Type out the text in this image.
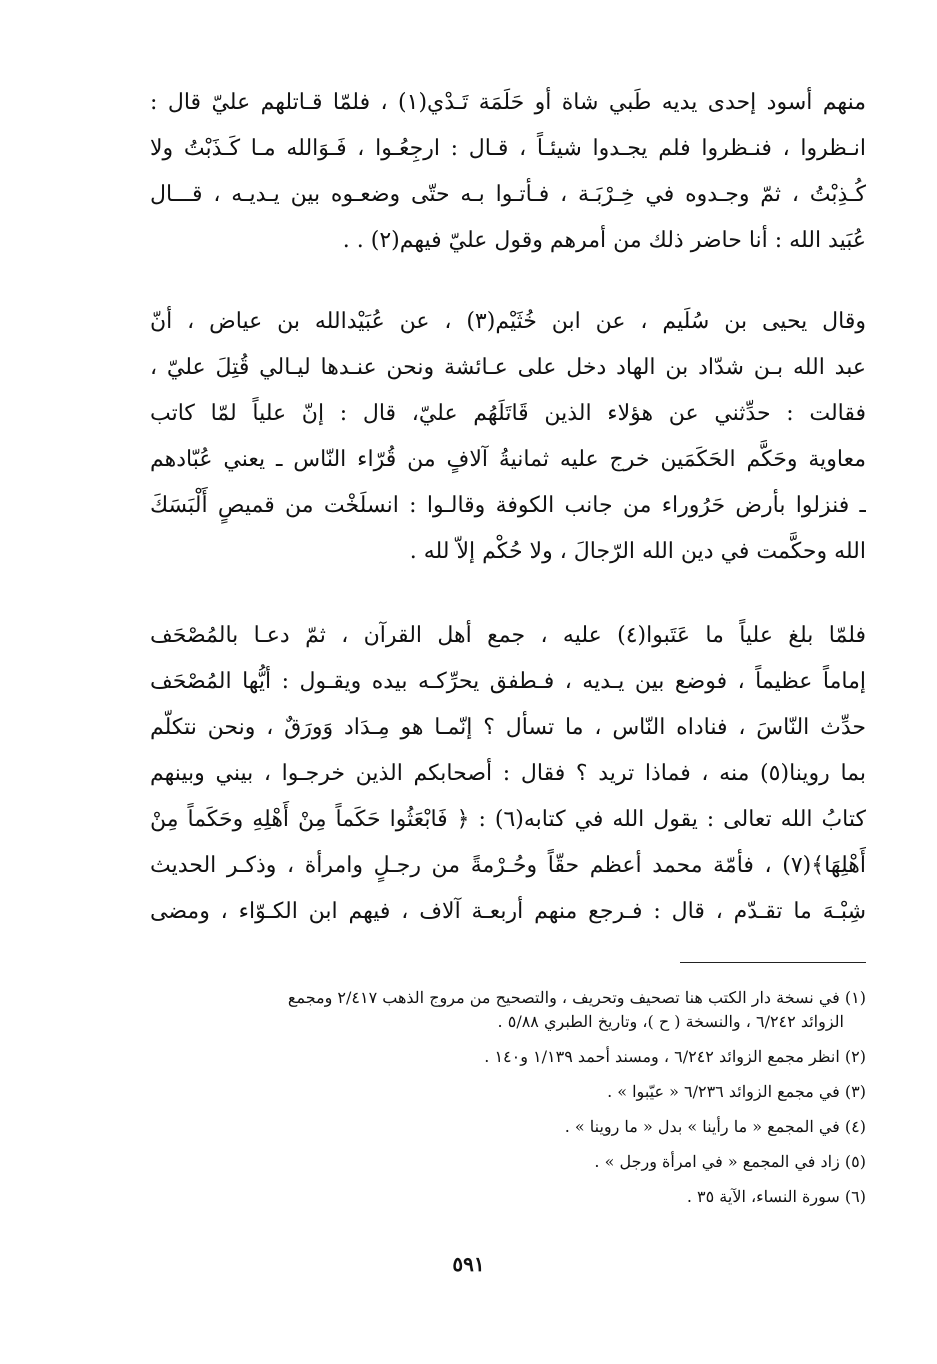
منهم أسود إحدى يديه طَبي شاة أو حَلَمَة تَـدْي(١) ، فلمّا قـاتلهم عليّ قال :
انـظروا ، فنـظروا فلم يجـدوا شيئـاً ، قـال : ارجِعُـوا ، فَـوَالله مـا كَـذَبْتُ ولا
كُـذِبْتُ ، ثمّ وجـدوه في خِـرْبَـة ، فـأتـوا بـه حتّى وضعـوه بين يـديـه ، قـــال
عُبَيد الله : أنا حاضر ذلك من أمرهم وقول عليّ فيهم(٢) . .
وقال يحيى بن سُلَيم ، عن ابن خُثَيْم(٣) ، عن عُبَيْدالله بن عياض ، أنّ
عبد الله بـن شدّاد بن الهاد دخل على عـائشة ونحن عنـدها ليـالي قُتِلَ عليّ ،
فقالت : حدِّثني عن هؤلاء الذين قَاتَلَهُم عليّ، قال : إنّ علياً لمّا كاتب
معاوية وحَكَّم الحَكَمَين خرج عليه ثمانيةُ آلافٍ من قُرّاء النّاس ـ يعني عُبّادهم
ـ فنزلوا بأرض حَرُوراء من جانب الكوفة وقالـوا : انسلَخْت من قميصٍ أَلْبَسَكَ
الله وحكَّمت في دين الله الرّجالَ ، ولا حُكْم إلاّ لله .
فلمّا بلغ علياً ما عَتَبوا(٤) عليه ، جمع أهل القرآن ، ثمّ دعـا بالمُصْحَف
إماماً عظيماً ، فوضع بين يـديه ، فـطفق يحرِّكـه بيده ويقـول : أيُّها المُصْحَف
حدِّث النّاسَ ، فناداه النّاس ، ما تسأل ؟ إنّمـا هو مِـدَاد وَورَقٌ ، ونحن نتكلّم
بما روينا(٥) منه ، فماذا تريد ؟ فقال : أصحابكم الذين خرجـوا ، بيني وبينهم
كتابُ الله تعالى : يقول الله في كتابه(٦) : ﴿ فَابْعَثُوا حَكَماً مِنْ أَهْلِهِ وحَكَماً مِنْ
أَهْلِهَا﴾(٧) ، فأمّة محمد أعظم حقّاً وحُـرْمةً من رجـلٍ وامرأة ، وذكـر الحديث
شِبْـهَ ما تقـدّم ، قال : فـرجع منهم أربعـة آلاف ، فيهم ابن الكـوّاء ، ومضى

(١) في نسخة دار الكتب هنا تصحيف وتحريف ، والتصحيح من مروج الذهب ٢/٤١٧ ومجمع
الزوائد ٦/٢٤٢ ، والنسخة ( ح )، وتاريخ الطبري ٥/٨٨ .

(٢) انظر مجمع الزوائد ٦/٢٤٢ ، ومسند أحمد ١/١٣٩ و١٤٠ .

(٣) في مجمع الزوائد ٦/٢٣٦ « عيّبوا » .

(٤) في المجمع « ما رأينا » بدل « ما روينا » .

(٥) زاد في المجمع « في امرأة ورجل » .

(٦) سورة النساء، الآية ٣٥ .

٥٩١
